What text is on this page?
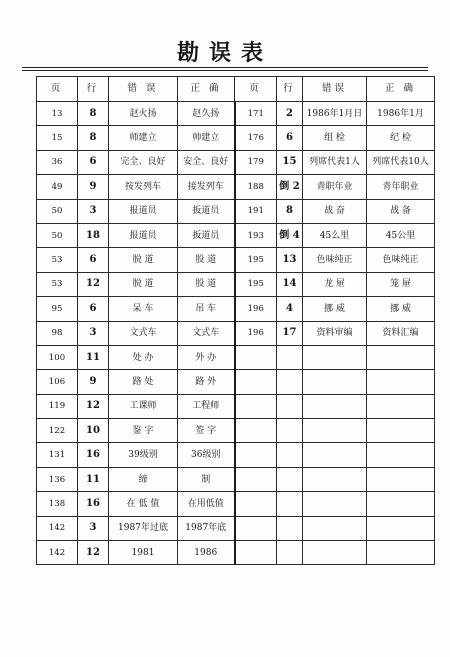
勘误表
页	行	错 误	正 确	页	行	错误	正 确
13	8	赵火扬	赵久扬	171	2	1986年1月日	1986年1月
15	8	师建立	帅建立	176	6	组 检	纪 检
36	6	完全、良好	安全、良好	179	15	列席代表1人	列席代表10人
49	9	按发列车	接发列车	188	倒 2	青职年业	青年职业
50	3	报道员	扳道员	191	8	战 奋	战 备
50	18	报道员	扳道员	193	倒 4	45么里	45公里
53	6	脱 道	股 道	195	13	色味纯正	色味纯正
53	12	脱 道	股 道	195	14	龙 屉	笼 屉
95	6	呆 车	吊 车	196	4	挪 威	挪 威
98	3	文式车	文式车	196	17	资料审编	资料汇编
100	11	处 办	外 办				
106	9	路 处	路 外				
119	12	工课师	工程师				
122	10	鉴 字	签 字				
131	16	39级别	36级别				
136	11	缔	制				
138	16	在 低 值	在用低值				
142	3	1987年过底	1987年底				
142	12	1981	1986				
